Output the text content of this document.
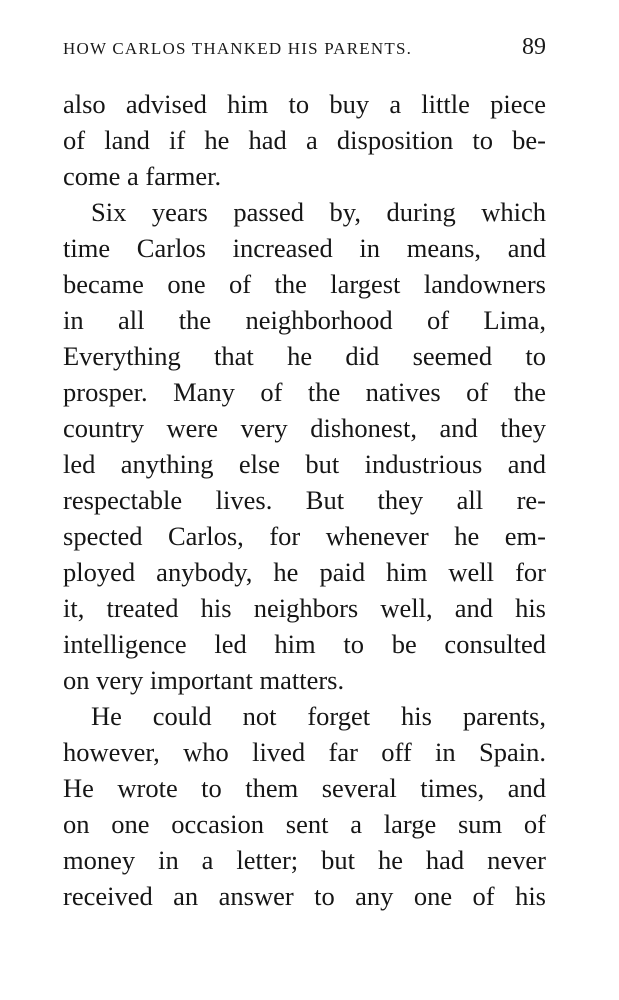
HOW CARLOS THANKED HIS PARENTS.	89
also advised him to buy a little piece
of land if he had a disposition to be-
come a farmer.
Six years passed by, during which
time Carlos increased in means, and
became one of the largest landowners
in all the neighborhood of Lima,
Everything that he did seemed to
prosper. Many of the natives of the
country were very dishonest, and they
led anything else but industrious and
respectable lives. But they all re-
spected Carlos, for whenever he em-
ployed anybody, he paid him well for
it, treated his neighbors well, and his
intelligence led him to be consulted
on very important matters.
He could not forget his parents,
however, who lived far off in Spain.
He wrote to them several times, and
on one occasion sent a large sum of
money in a letter; but he had never
received an answer to any one of his
